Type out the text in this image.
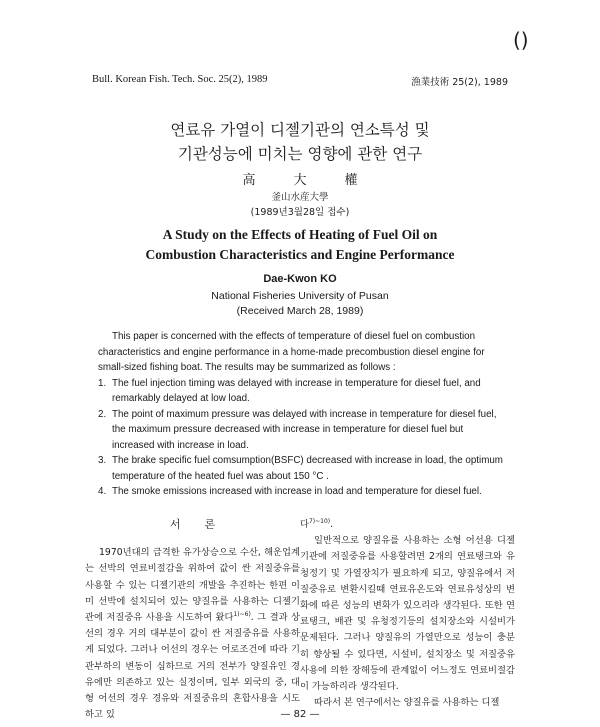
()
Bull. Korean Fish. Tech. Soc. 25(2), 1989	漁業技術 25(2), 1989
연료유 가열이 디젤기관의 연소특성 및
기관성능에 미치는 영향에 관한 연구
高大權
釜山水産大學
(1989년3월28일 접수)
A Study on the Effects of Heating of Fuel Oil on
Combustion Characteristics and Engine Performance
Dae-Kwon KO
National Fisheries University of Pusan
(Received March 28, 1989)

This paper is concerned with the effects of temperature of diesel fuel on combustion characteristics and engine performance in a home-made precombustion diesel engine for small-sized fishing boat. The results may be summarized as follows :

1. The fuel injection timing was delayed with increase in temperature for diesel fuel, and remarkably delayed at low load.
2. The point of maximum pressure was delayed with increase in temperature for diesel fuel, the maximum pressure decreased with increase in temperature for diesel fuel but increased with increase in load.
3. The brake specific fuel comsumption(BSFC) decreased with increase in load, the optimum temperature of the heated fuel was about 150 °C .
4. The smoke emissions increased with increase in load and temperature for diesel fuel.
서론

1970년대의 급격한 유가상승으로 수산, 해운업계는 선박의 연료비절감을 위하여 값이 싼 저질중유를 사용할 수 있는 디젤기관의 개발을 추진하는 한편 이미 선박에 설치되어 있는 양질유를 사용하는 디젤기관에 저질중유 사용을 시도하여 왔다$^{1)\sim 6)}$. 그 결과 상선의 경우 거의 대부분이 값이 싼 저질중유를 사용하게 되었다. 그러나 어선의 경우는 어로조건에 따라 기관부하의 변동이 심하므로 거의 전부가 양질유인 경유에만 의존하고 있는 실정이며, 일부 외국의 중, 대형 어선의 경우 경유와 저질중유의 혼합사용을 시도하고 있

다$^{7)\sim 10)}$.

일반적으로 양질유를 사용하는 소형 어선용 디젤기관에 저질중유를 사용할려면 2개의 연료탱크와 유청정기 및 가열장치가 필요하게 되고, 양질유에서 저질중유로 변환시킬때 연료유온도와 연료유성상의 변화에 따른 성능의 변화가 있으리라 생각된다. 또한 연료탱크, 배관 및 유청정기등의 설치장소와 시설비가 문제된다. 그러나 양질유의 가열만으로 성능이 충분히 향상될 수 있다면, 시설비, 설치장소 및 저질중유 사용에 의한 장해등에 관계없이 어느정도 연료비절감이 가능하리라 생각된다.

따라서 본 연구에서는 양질유를 사용하는 디젤

— 82 —
